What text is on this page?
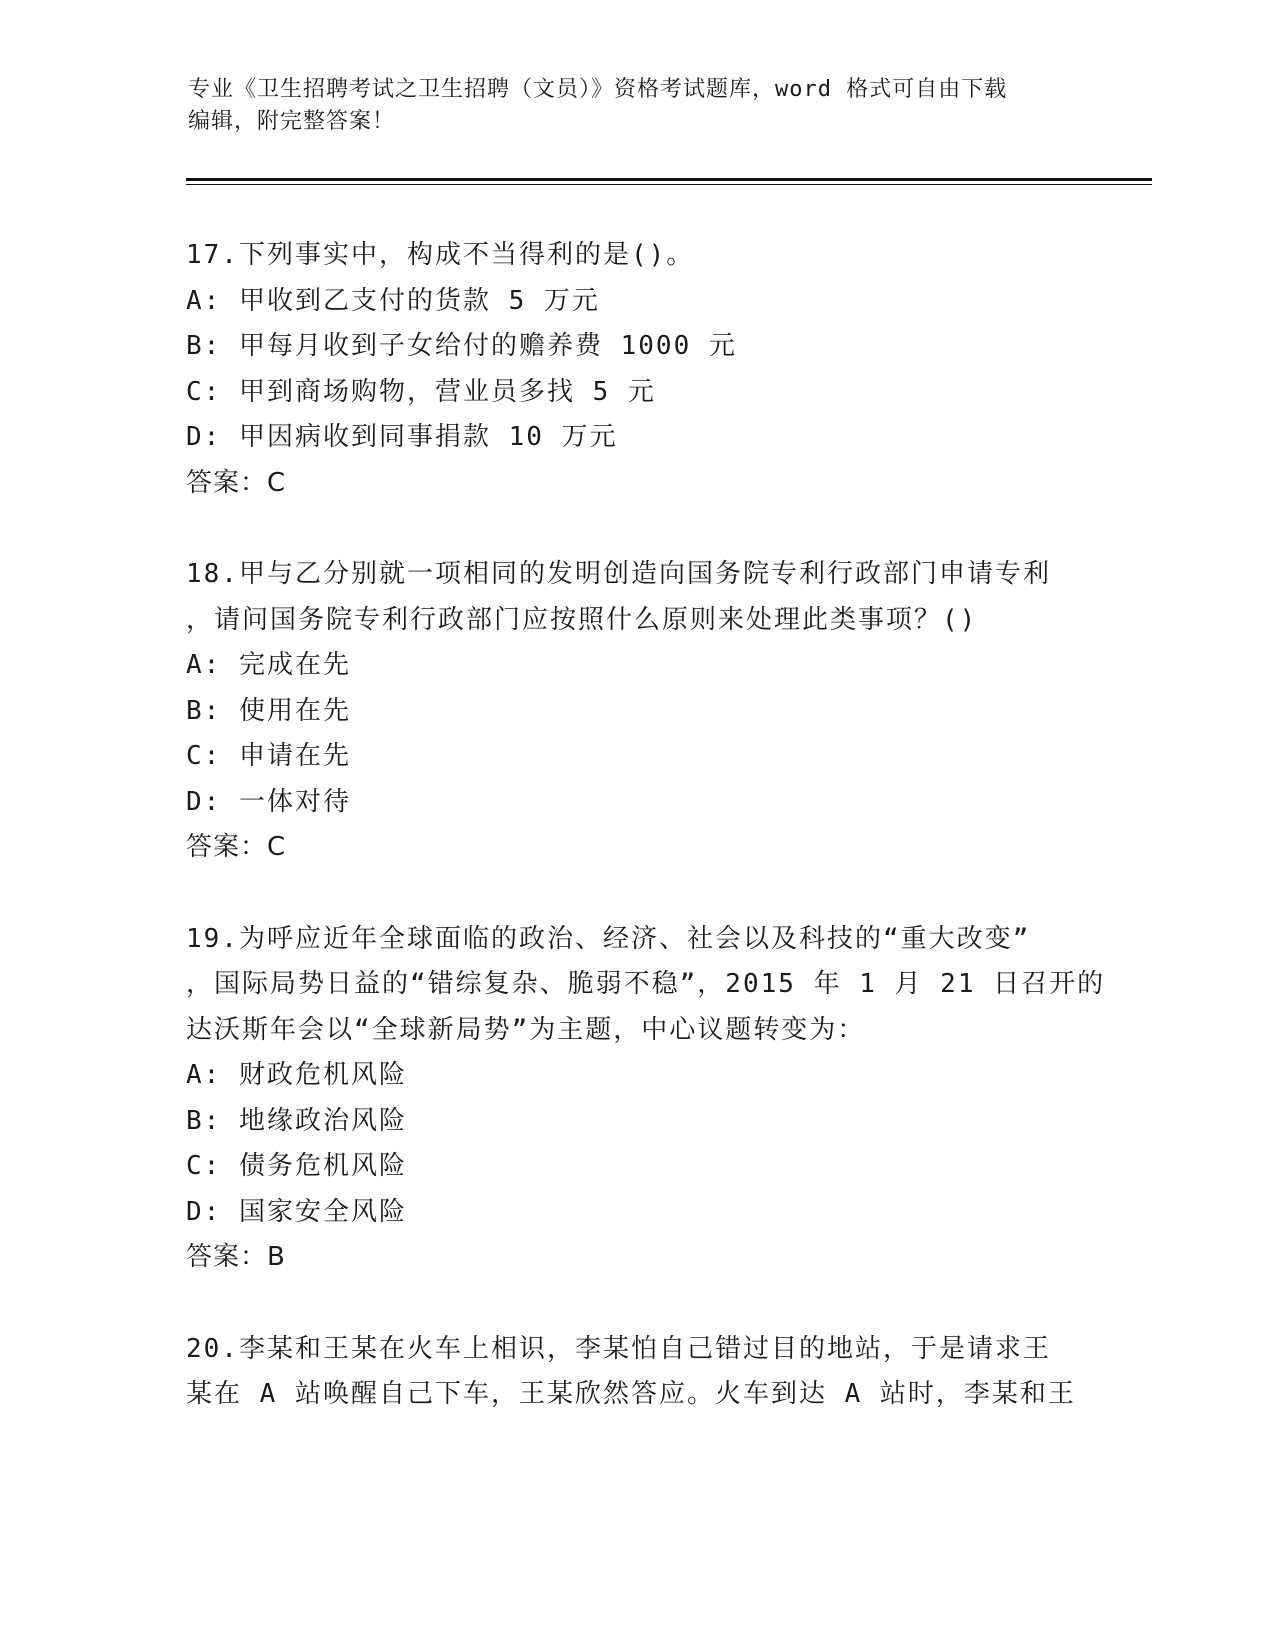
专业《卫生招聘考试之卫生招聘（文员）》资格考试题库，word 格式可自由下载
编辑，附完整答案！
17.下列事实中，构成不当得利的是()。
A: 甲收到乙支付的货款 5 万元
B: 甲每月收到子女给付的赡养费 1000 元
C: 甲到商场购物，营业员多找 5 元
D: 甲因病收到同事捐款 10 万元
答案：C
18.甲与乙分别就一项相同的发明创造向国务院专利行政部门申请专利
，请问国务院专利行政部门应按照什么原则来处理此类事项？()
A: 完成在先
B: 使用在先
C: 申请在先
D: 一体对待
答案：C
19.为呼应近年全球面临的政治、经济、社会以及科技的“重大改变”
，国际局势日益的“错综复杂、脆弱不稳”，2015 年 1 月 21 日召开的
达沃斯年会以“全球新局势”为主题，中心议题转变为：
A: 财政危机风险
B: 地缘政治风险
C: 债务危机风险
D: 国家安全风险
答案：B
20.李某和王某在火车上相识，李某怕自己错过目的地站，于是请求王
某在 A 站唤醒自己下车，王某欣然答应。火车到达 A 站时，李某和王
